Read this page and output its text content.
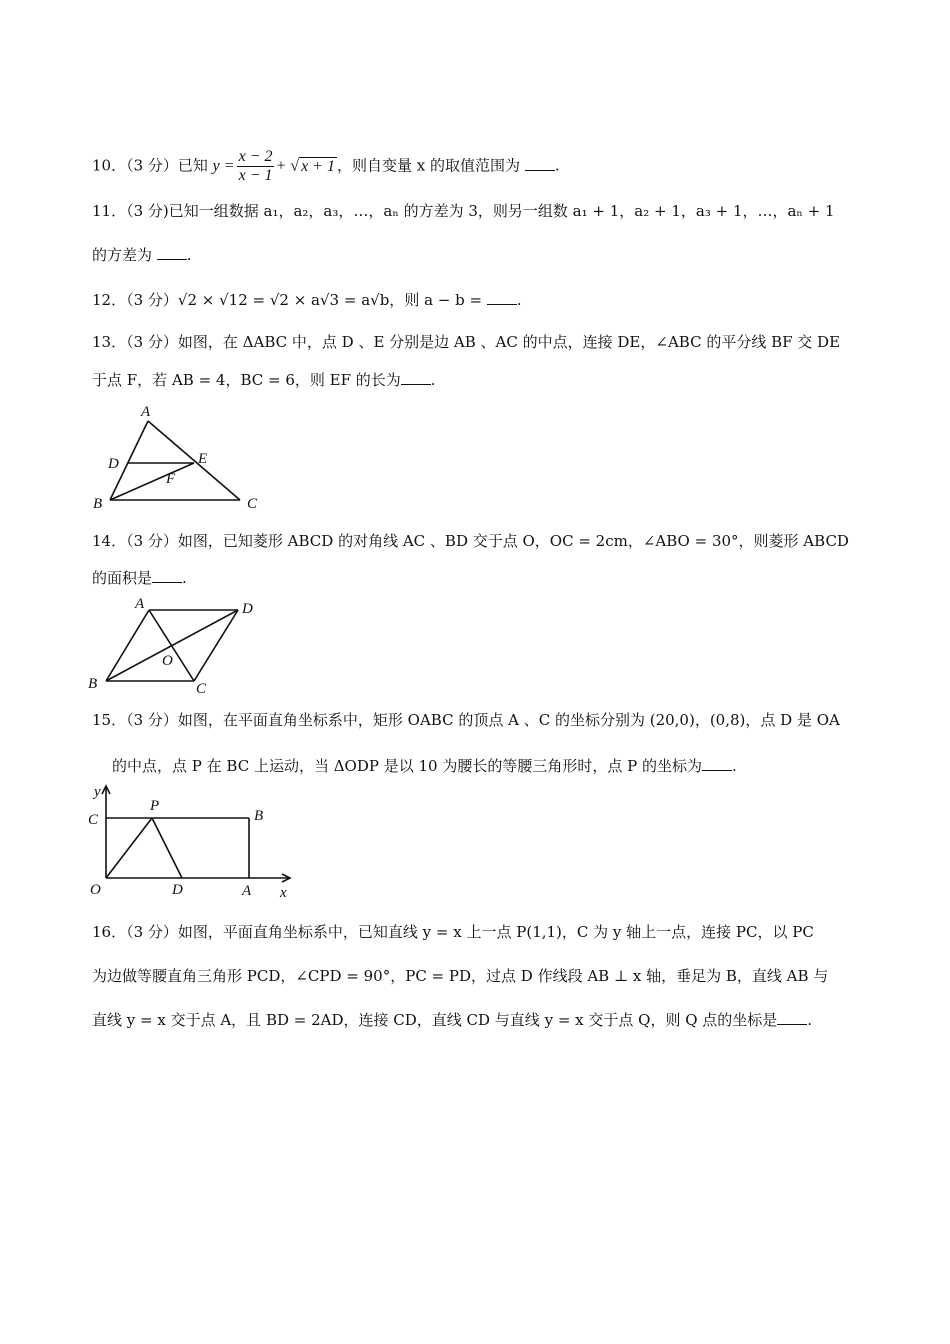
10．（3 分）已知 $y = \frac{x - 2}{x - 1}$ + √ x + 1 ，则自变量 x 的取值范围为 .
11．（3 分)已知一组数据 a₁，a₂，a₃，…，aₙ 的方差为 3，则另一组数 a₁ + 1，a₂ + 1，a₃ + 1，…，aₙ + 1
的方差为 .
12．（3 分）√2 × √12 = √2 × a√3 = a√b，则 a − b = .
13．（3 分）如图，在 ΔABC 中，点 D 、E 分别是边 AB 、AC 的中点，连接 DE，∠ABC 的平分线 BF 交 DE
于点 F，若 AB = 4，BC = 6，则 EF 的长为 .
A
D	E
F
B	C
14．（3 分）如图，已知菱形 ABCD 的对角线 AC 、BD 交于点 O，OC = 2cm，∠ABO = 30°，则菱形 ABCD
的面积是 .
A	D
O
B	C
15．（3 分）如图，在平面直角坐标系中，矩形 OABC 的顶点 A 、C 的坐标分别为 (20,0)，(0,8)，点 D 是 OA
的中点，点 P 在 BC 上运动，当 ΔODP 是以 10 为腰长的等腰三角形时，点 P 的坐标为 .
y
P
C	B
O	D	A x
16．（3 分）如图，平面直角坐标系中，已知直线 y = x 上一点 P(1,1)，C 为 y 轴上一点，连接 PC，以 PC
为边做等腰直角三角形 PCD，∠CPD = 90°，PC = PD，过点 D 作线段 AB ⊥ x 轴，垂足为 B，直线 AB 与
直线 y = x 交于点 A，且 BD = 2AD，连接 CD，直线 CD 与直线 y = x 交于点 Q，则 Q 点的坐标是 .
